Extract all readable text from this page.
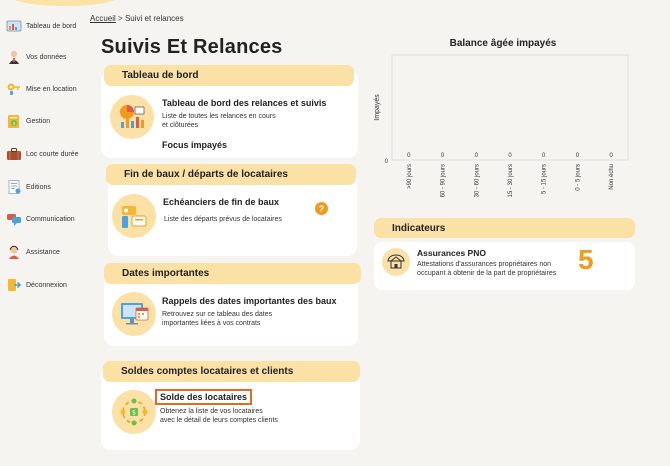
Tableau de bord
Vos données
Mise en location
$ Gestion
Loc courte durée
Editions
Communication
Assistance
Déconnexion
Accueil > Suivi et relances
Suivis Et Relances
Tableau de bord
Tableau de bord des relances et suivis
Liste de toutes les relances en cours
et clôturées
Focus impayés
Fin de baux / départs de locataires
Echéanciers de fin de baux
?
Liste des départs prévus de locataires
Dates importantes
Rappels des dates importantes des baux
Retrouvez sur ce tableau des dates
importantes liées à vos contrats
Soldes comptes locataires et clients
$
Solde des locataires
Obtenez la liste de vos locataires
avec le détail de leurs comptes clients
Balance âgée impayés
Impayés
0
0
>90 jours
0
60 - 90 jours
0
30 - 60 jours
0
15 - 30 jours
0
5 - 15 jours
0
0 - 5 jours
0
Non échu
Indicateurs
Assurances PNO
Attestations d'assurances propriétaires non occupant à obtenir de la part de propriétaires 5
